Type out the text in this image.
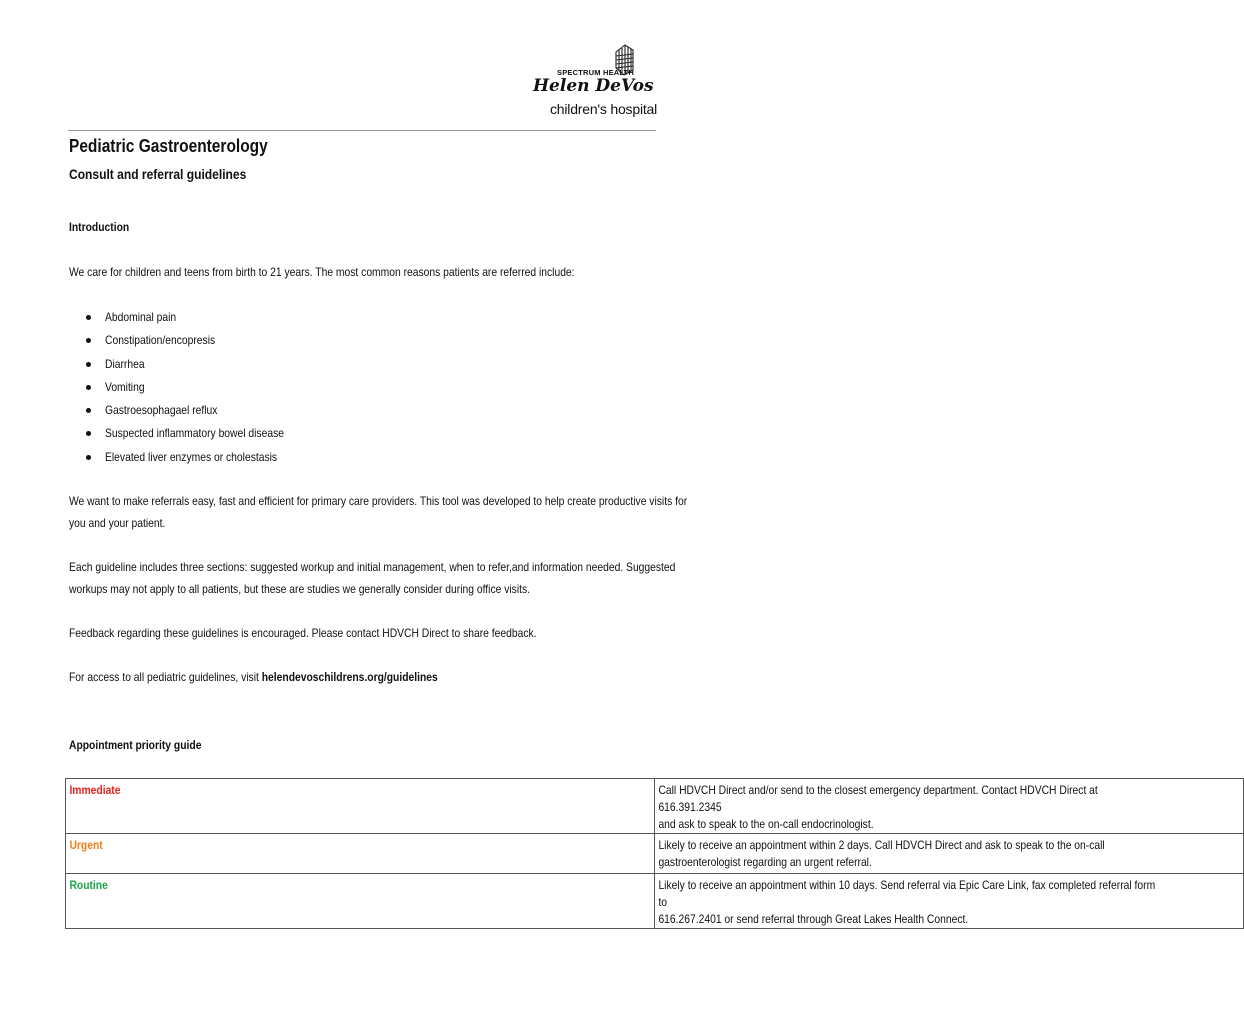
SPECTRUM HEALTH
Helen DeVos
children's hospital
Pediatric Gastroenterology
Consult and referral guidelines
Introduction
We care for children and teens from birth to 21 years. The most common reasons patients are referred include:
Abdominal pain
Constipation/encopresis
Diarrhea
Vomiting
Gastroesophagael reflux
Suspected inflammatory bowel disease
Elevated liver enzymes or cholestasis
We want to make referrals easy, fast and efficient for primary care providers. This tool was developed to help create productive visits for you and your patient.
Each guideline includes three sections: suggested workup and initial management, when to refer,and information needed. Suggested workups may not apply to all patients, but these are studies we generally consider during office visits.
Feedback regarding these guidelines is encouraged. Please contact HDVCH Direct to share feedback.
For access to all pediatric guidelines, visit helendevoschildrens.org/guidelines
Appointment priority guide
Immediate	Call HDVCH Direct and/or send to the closest emergency department. Contact HDVCH Direct at 616.391.2345
and ask to speak to the on-call endocrinologist.

Urgent	Likely to receive an appointment within 2 days. Call HDVCH Direct and ask to speak to the on-call
gastroenterologist regarding an urgent referral.

Routine	Likely to receive an appointment within 10 days. Send referral via Epic Care Link, fax completed referral form to
616.267.2401 or send referral through Great Lakes Health Connect.
